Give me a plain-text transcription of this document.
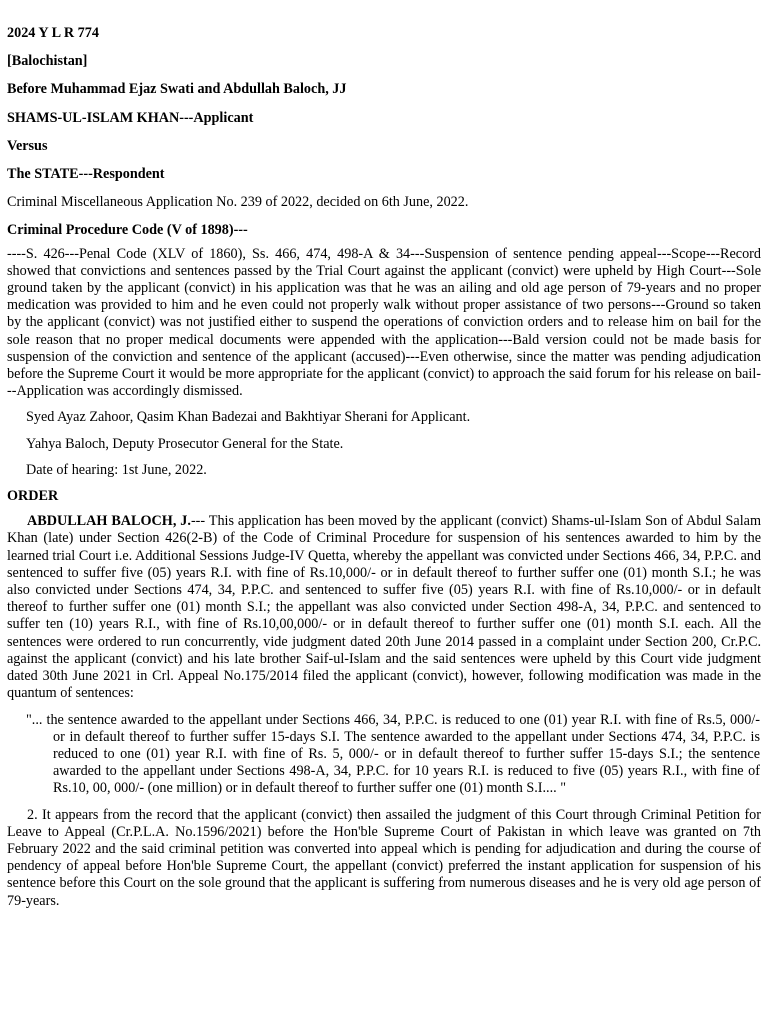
2024 Y L R 774

[Balochistan]

Before Muhammad Ejaz Swati and Abdullah Baloch, JJ

SHAMS-UL-ISLAM KHAN---Applicant

Versus

The STATE---Respondent

Criminal Miscellaneous Application No. 239 of 2022, decided on 6th June, 2022.

Criminal Procedure Code (V of 1898)---

----S. 426---Penal Code (XLV of 1860), Ss. 466, 474, 498-A & 34---Suspension of sentence pending appeal---Scope---Record showed that convictions and sentences passed by the Trial Court against the applicant (convict) were upheld by High Court---Sole ground taken by the applicant (convict) in his application was that he was an ailing and old age person of 79-years and no proper medication was provided to him and he even could not properly walk without proper assistance of two persons---Ground so taken by the applicant (convict) was not justified either to suspend the operations of conviction orders and to release him on bail for the sole reason that no proper medical documents were appended with the application---Bald version could not be made basis for suspension of the conviction and sentence of the applicant (accused)---Even otherwise, since the matter was pending adjudication before the Supreme Court it would be more appropriate for the applicant (convict) to approach the said forum for his release on bail---Application was accordingly dismissed.

Syed Ayaz Zahoor, Qasim Khan Badezai and Bakhtiyar Sherani for Applicant.

Yahya Baloch, Deputy Prosecutor General for the State.

Date of hearing: 1st June, 2022.

ORDER

ABDULLAH BALOCH, J.--- This application has been moved by the applicant (convict) Shams-ul-Islam Son of Abdul Salam Khan (late) under Section 426(2-B) of the Code of Criminal Procedure for suspension of his sentences awarded to him by the learned trial Court i.e. Additional Sessions Judge-IV Quetta, whereby the appellant was convicted under Sections 466, 34, P.P.C. and sentenced to suffer five (05) years R.I. with fine of Rs.10,000/- or in default thereof to further suffer one (01) month S.I.; he was also convicted under Sections 474, 34, P.P.C. and sentenced to suffer five (05) years R.I. with fine of Rs.10,000/- or in default thereof to further suffer one (01) month S.I.; the appellant was also convicted under Section 498-A, 34, P.P.C. and sentenced to suffer ten (10) years R.I., with fine of Rs.10,00,000/- or in default thereof to further suffer one (01) month S.I. each. All the sentences were ordered to run concurrently, vide judgment dated 20th June 2014 passed in a complaint under Section 200, Cr.P.C. against the applicant (convict) and his late brother Saif-ul-Islam and the said sentences were upheld by this Court vide judgment dated 30th June 2021 in Crl. Appeal No.175/2014 filed the applicant (convict), however, following modification was made in the quantum of sentences:

"... the sentence awarded to the appellant under Sections 466, 34, P.P.C. is reduced to one (01) year R.I. with fine of Rs.5, 000/- or in default thereof to further suffer 15-days S.I. The sentence awarded to the appellant under Sections 474, 34, P.P.C. is reduced to one (01) year R.I. with fine of Rs. 5, 000/- or in default thereof to further suffer 15-days S.I.; the sentence awarded to the appellant under Sections 498-A, 34, P.P.C. for 10 years R.I. is reduced to five (05) years R.I., with fine of Rs.10, 00, 000/- (one million) or in default thereof to further suffer one (01) month S.I.... "

2. It appears from the record that the applicant (convict) then assailed the judgment of this Court through Criminal Petition for Leave to Appeal (Cr.P.L.A. No.1596/2021) before the Hon'ble Supreme Court of Pakistan in which leave was granted on 7th February 2022 and the said criminal petition was converted into appeal which is pending for adjudication and during the course of pendency of appeal before Hon'ble Supreme Court, the appellant (convict) preferred the instant application for suspension of his sentence before this Court on the sole ground that the applicant is suffering from numerous diseases and he is very old age person of 79-years.
